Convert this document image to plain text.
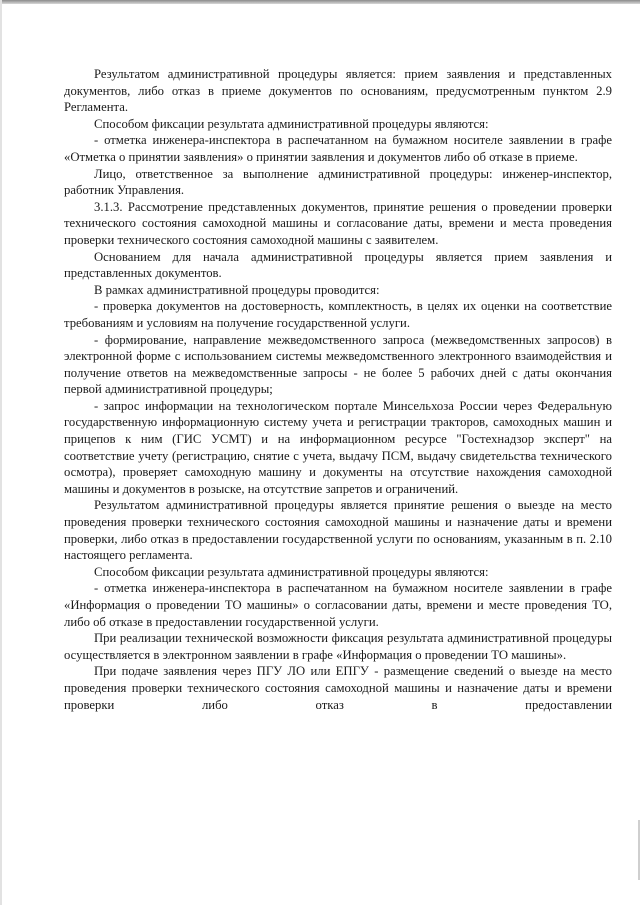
Результатом административной процедуры является: прием заявления и представленных документов, либо отказ в приеме документов по основаниям, предусмотренным пунктом 2.9 Регламента.

Способом фиксации результата административной процедуры являются:

- отметка инженера-инспектора в распечатанном на бумажном носителе заявлении в графе «Отметка о принятии заявления» о принятии заявления и документов либо об отказе в приеме.

Лицо, ответственное за выполнение административной процедуры: инженер-инспектор, работник Управления.

3.1.3. Рассмотрение представленных документов, принятие решения о проведении проверки технического состояния самоходной машины и согласование даты, времени и места проведения проверки технического состояния самоходной машины с заявителем.

Основанием для начала административной процедуры является прием заявления и представленных документов.

В рамках административной процедуры проводится:

- проверка документов на достоверность, комплектность, в целях их оценки на соответствие требованиям и условиям на получение государственной услуги.

- формирование, направление межведомственного запроса (межведомственных запросов) в электронной форме с использованием системы межведомственного электронного взаимодействия и получение ответов на межведомственные запросы - не более 5 рабочих дней с даты окончания первой административной процедуры;

- запрос информации на технологическом портале Минсельхоза России через Федеральную государственную информационную систему учета и регистрации тракторов, самоходных машин и прицепов к ним (ГИС УСМТ) и на информационном ресурсе "Гостехнадзор эксперт" на соответствие учету (регистрацию, снятие с учета, выдачу ПСМ, выдачу свидетельства технического осмотра), проверяет самоходную машину и документы на отсутствие нахождения самоходной машины и документов в розыске, на отсутствие запретов и ограничений.

Результатом административной процедуры является принятие решения о выезде на место проведения проверки технического состояния самоходной машины и назначение даты и времени проверки, либо отказ в предоставлении государственной услуги по основаниям, указанным в п. 2.10 настоящего регламента.

Способом фиксации результата административной процедуры являются:

- отметка инженера-инспектора в распечатанном на бумажном носителе заявлении в графе «Информация о проведении ТО машины» о согласовании даты, времени и месте проведения ТО, либо об отказе в предоставлении государственной услуги.

При реализации технической возможности фиксация результата административной процедуры осуществляется в электронном заявлении в графе «Информация о проведении ТО машины».

При подаче заявления через ПГУ ЛО или ЕПГУ - размещение сведений о выезде на место проведения проверки технического состояния самоходной машины и назначение даты и времени проверки либо отказ в предоставлении
